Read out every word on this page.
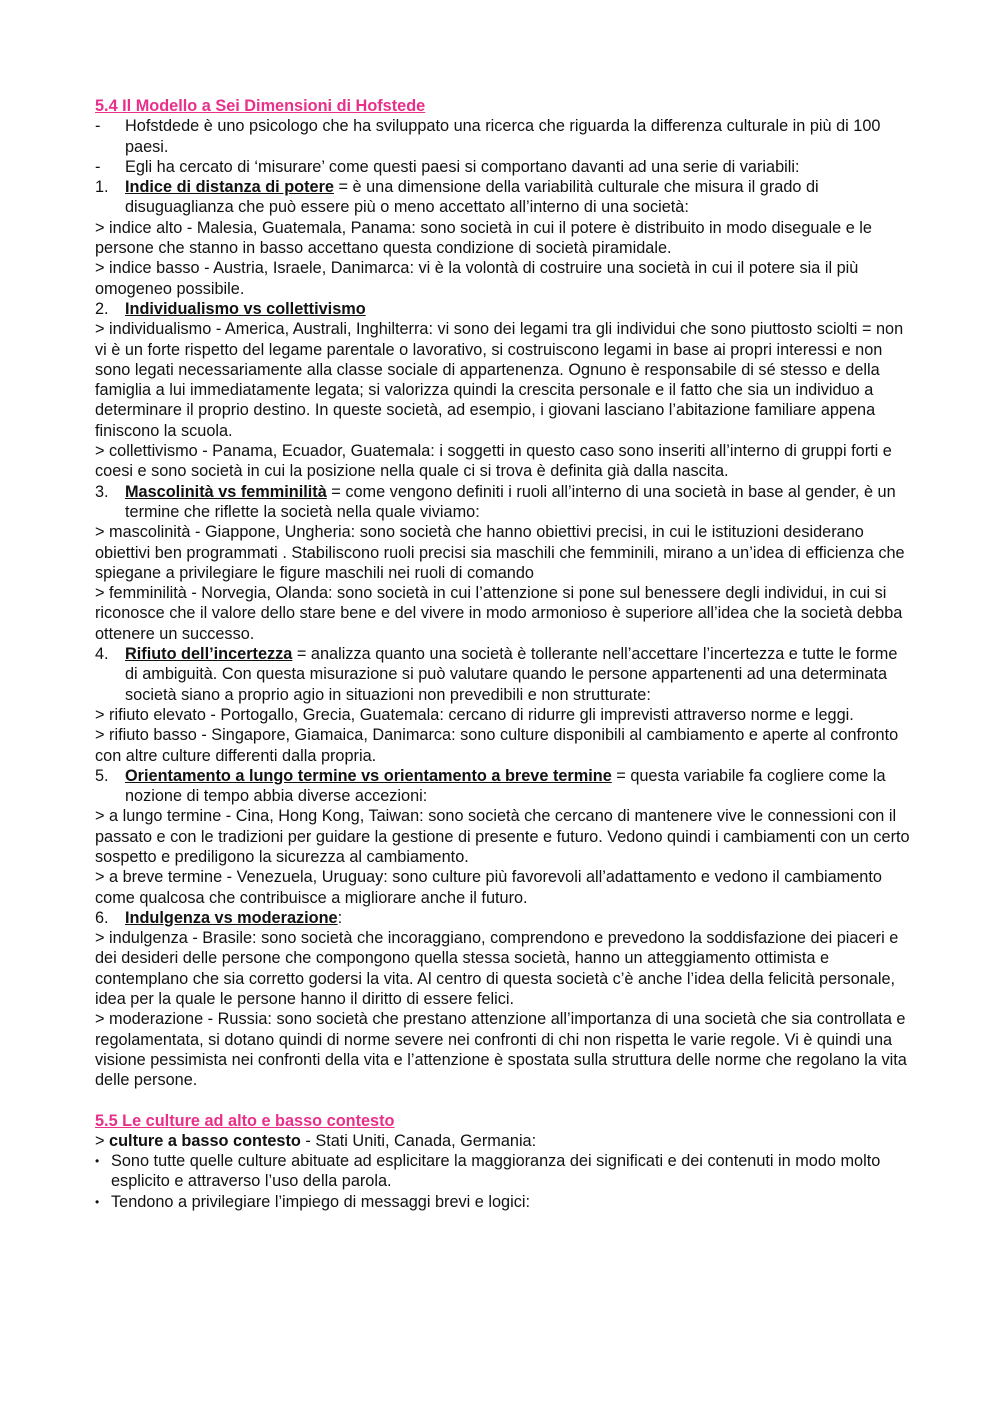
5.4 Il Modello a Sei Dimensioni di Hofstede

- Hofstdede è uno psicologo che ha sviluppato una ricerca che riguarda la differenza culturale in più di 100 paesi.

- Egli ha cercato di ‘misurare’ come questi paesi si comportano davanti ad una serie di variabili:

1. Indice di distanza di potere = è una dimensione della variabilità culturale che misura il grado di disuguaglianza che può essere più o meno accettato all’interno di una società:

> indice alto - Malesia, Guatemala, Panama: sono società in cui il potere è distribuito in modo diseguale e le persone che stanno in basso accettano questa condizione di società piramidale.

> indice basso - Austria, Israele, Danimarca: vi è la volontà di costruire una società in cui il potere sia il più omogeneo possibile.

2. Individualismo vs collettivismo

> individualismo - America, Australi, Inghilterra: vi sono dei legami tra gli individui che sono piuttosto sciolti = non vi è un forte rispetto del legame parentale o lavorativo, si costruiscono legami in base ai propri interessi e non sono legati necessariamente alla classe sociale di appartenenza. Ognuno è responsabile di sé stesso e della famiglia a lui immediatamente legata; si valorizza quindi la crescita personale e il fatto che sia un individuo a determinare il proprio destino. In queste società, ad esempio, i giovani lasciano l’abitazione familiare appena finiscono la scuola.

> collettivismo - Panama, Ecuador, Guatemala: i soggetti in questo caso sono inseriti all’interno di gruppi forti e coesi e sono società in cui la posizione nella quale ci si trova è definita già dalla nascita.

3. Mascolinità vs femminilità = come vengono definiti i ruoli all’interno di una società in base al gender, è un termine che riflette la società nella quale viviamo:

> mascolinità - Giappone, Ungheria: sono società che hanno obiettivi precisi, in cui le istituzioni desiderano obiettivi ben programmati . Stabiliscono ruoli precisi sia maschili che femminili, mirano a un’idea di efficienza che spiegane a privilegiare le figure maschili nei ruoli di comando

> femminilità - Norvegia, Olanda: sono società in cui l’attenzione si pone sul benessere degli individui, in cui si riconosce che il valore dello stare bene e del vivere in modo armonioso è superiore all’idea che la società debba ottenere un successo.

4. Rifiuto dell’incertezza = analizza quanto una società è tollerante nell’accettare l’incertezza e tutte le forme di ambiguità. Con questa misurazione si può valutare quando le persone appartenenti ad una determinata società siano a proprio agio in situazioni non prevedibili e non strutturate:

> rifiuto elevato - Portogallo, Grecia, Guatemala: cercano di ridurre gli imprevisti attraverso norme e leggi.

> rifiuto basso - Singapore, Giamaica, Danimarca: sono culture disponibili al cambiamento e aperte al confronto con altre culture differenti dalla propria.

5. Orientamento a lungo termine vs orientamento a breve termine = questa variabile fa cogliere come la nozione di tempo abbia diverse accezioni:

> a lungo termine - Cina, Hong Kong, Taiwan: sono società che cercano di mantenere vive le connessioni con il passato e con le tradizioni per guidare la gestione di presente e futuro. Vedono quindi i cambiamenti con un certo sospetto e prediligono la sicurezza al cambiamento.

> a breve termine - Venezuela, Uruguay: sono culture più favorevoli all’adattamento e vedono il cambiamento come qualcosa che contribuisce a migliorare anche il futuro.

6. Indulgenza vs moderazione:

> indulgenza - Brasile: sono società che incoraggiano, comprendono e prevedono la soddisfazione dei piaceri e dei desideri delle persone che compongono quella stessa società, hanno un atteggiamento ottimista e contemplano che sia corretto godersi la vita. Al centro di questa società c’è anche l’idea della felicità personale, idea per la quale le persone hanno il diritto di essere felici.

> moderazione - Russia: sono società che prestano attenzione all’importanza di una società che sia controllata e regolamentata, si dotano quindi di norme severe nei confronti di chi non rispetta le varie regole. Vi è quindi una visione pessimista nei confronti della vita e l’attenzione è spostata sulla struttura delle norme che regolano la vita delle persone.

5.5 Le culture ad alto e basso contesto

> culture a basso contesto - Stati Uniti, Canada, Germania:

• Sono tutte quelle culture abituate ad esplicitare la maggioranza dei significati e dei contenuti in modo molto esplicito e attraverso l’uso della parola.

• Tendono a privilegiare l’impiego di messaggi brevi e logici:
